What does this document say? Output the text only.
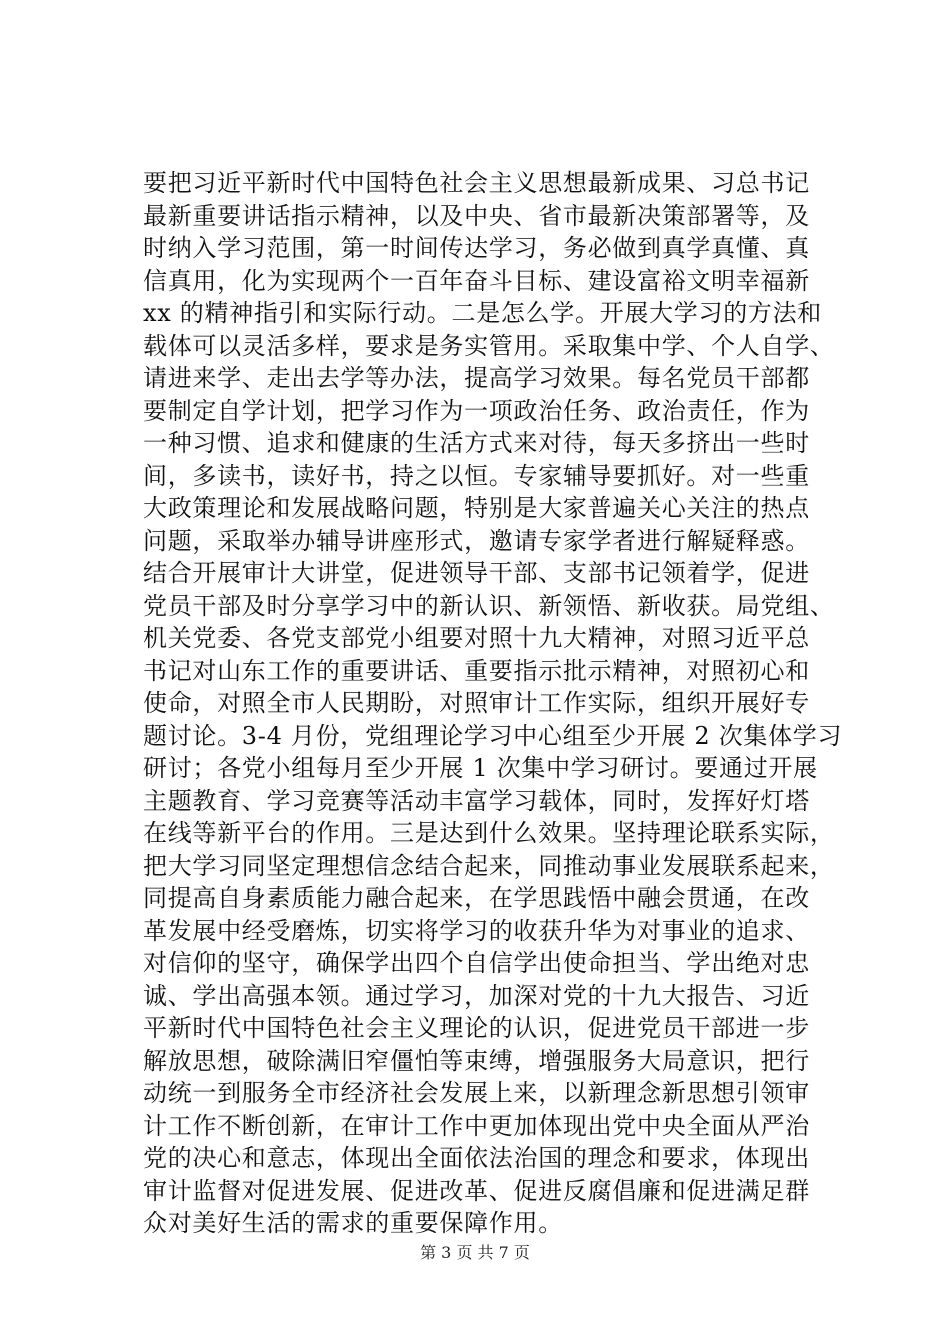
要把习近平新时代中国特色社会主义思想最新成果、习总书记
最新重要讲话指示精神，以及中央、省市最新决策部署等，及
时纳入学习范围，第一时间传达学习，务必做到真学真懂、真
信真用，化为实现两个一百年奋斗目标、建设富裕文明幸福新
xx 的精神指引和实际行动。二是怎么学。开展大学习的方法和
载体可以灵活多样，要求是务实管用。采取集中学、个人自学、
请进来学、走出去学等办法，提高学习效果。每名党员干部都
要制定自学计划，把学习作为一项政治任务、政治责任，作为
一种习惯、追求和健康的生活方式来对待，每天多挤出一些时
间，多读书，读好书，持之以恒。专家辅导要抓好。对一些重
大政策理论和发展战略问题，特别是大家普遍关心关注的热点
问题，采取举办辅导讲座形式，邀请专家学者进行解疑释惑。
结合开展审计大讲堂，促进领导干部、支部书记领着学，促进
党员干部及时分享学习中的新认识、新领悟、新收获。局党组、
机关党委、各党支部党小组要对照十九大精神，对照习近平总
书记对山东工作的重要讲话、重要指示批示精神，对照初心和
使命，对照全市人民期盼，对照审计工作实际，组织开展好专
题讨论。3-4 月份，党组理论学习中心组至少开展 2 次集体学习
研讨；各党小组每月至少开展 1 次集中学习研讨。要通过开展
主题教育、学习竞赛等活动丰富学习载体，同时，发挥好灯塔
在线等新平台的作用。三是达到什么效果。坚持理论联系实际，
把大学习同坚定理想信念结合起来，同推动事业发展联系起来，
同提高自身素质能力融合起来，在学思践悟中融会贯通，在改
革发展中经受磨炼，切实将学习的收获升华为对事业的追求、
对信仰的坚守，确保学出四个自信学出使命担当、学出绝对忠
诚、学出高强本领。通过学习，加深对党的十九大报告、习近
平新时代中国特色社会主义理论的认识，促进党员干部进一步
解放思想，破除满旧窄僵怕等束缚，增强服务大局意识，把行
动统一到服务全市经济社会发展上来，以新理念新思想引领审
计工作不断创新，在审计工作中更加体现出党中央全面从严治
党的决心和意志，体现出全面依法治国的理念和要求，体现出
审计监督对促进发展、促进改革、促进反腐倡廉和促进满足群
众对美好生活的需求的重要保障作用。
第 3 页 共 7 页
